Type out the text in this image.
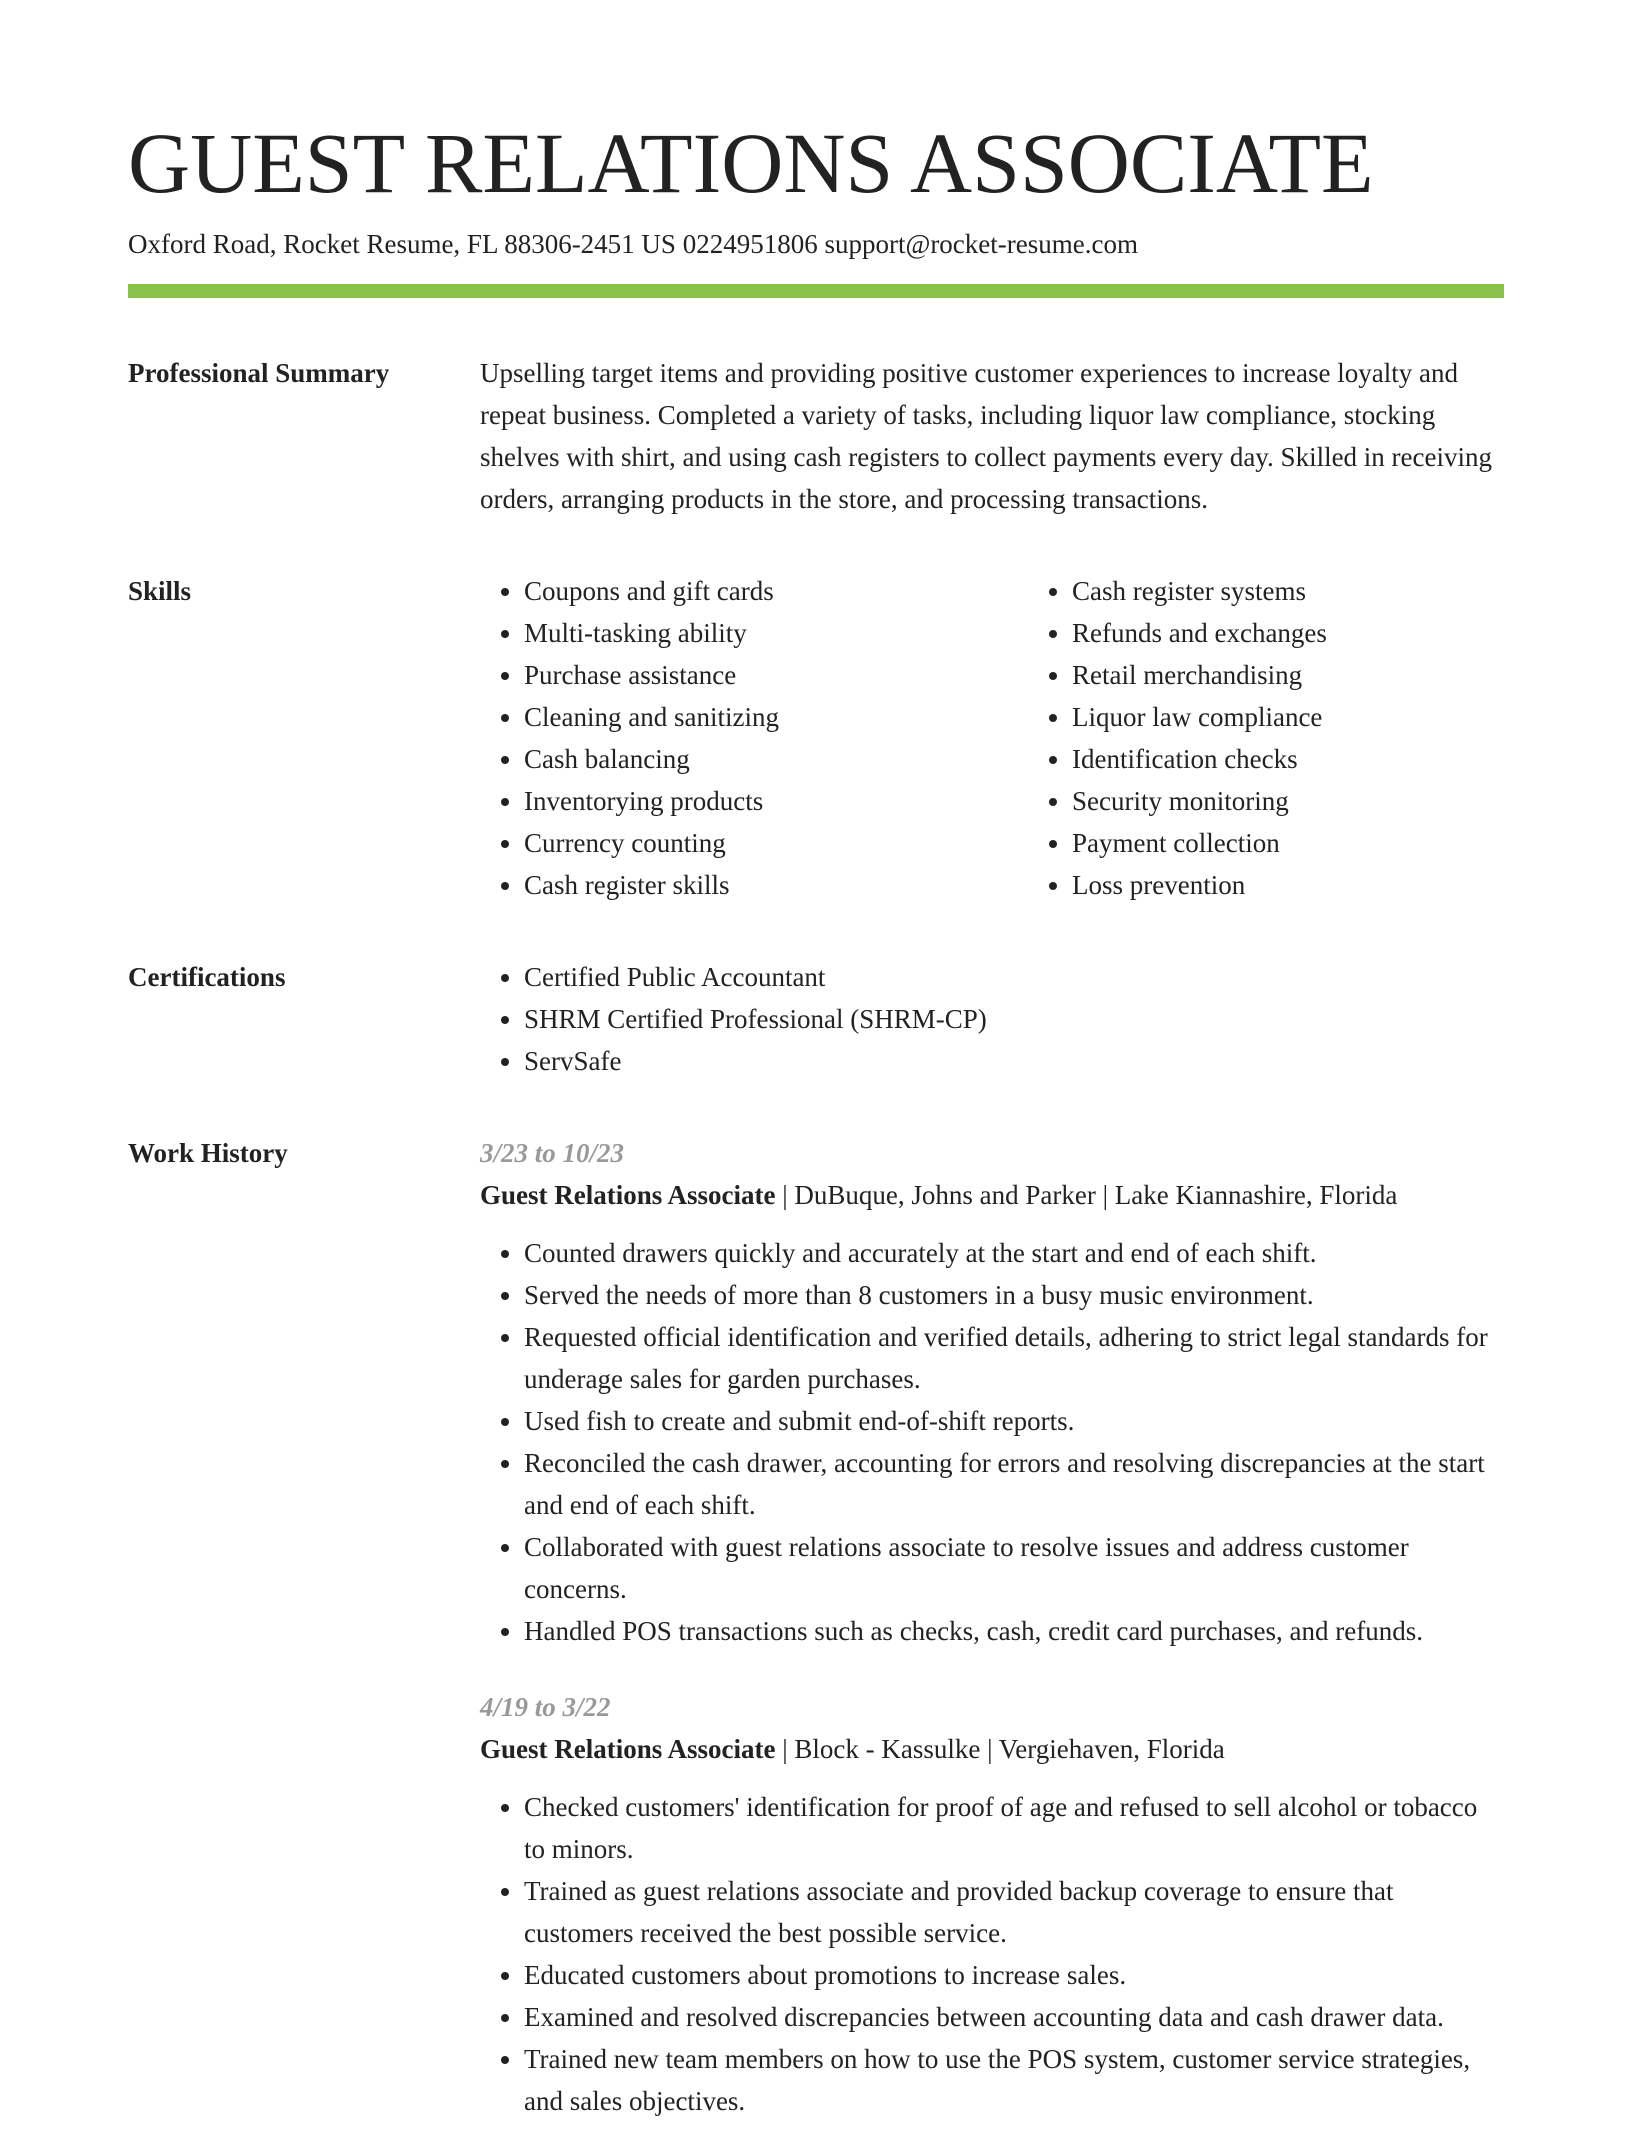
GUEST RELATIONS ASSOCIATE
Oxford Road, Rocket Resume, FL 88306-2451 US 0224951806 support@rocket-resume.com
Professional Summary	Upselling target items and providing positive customer experiences to increase loyalty and repeat business. Completed a variety of tasks, including liquor law compliance, stocking shelves with shirt, and using cash registers to collect payments every day. Skilled in receiving orders, arranging products in the store, and processing transactions.

Skills	• Coupons and gift cards
• Multi-tasking ability
• Purchase assistance
• Cleaning and sanitizing
• Cash balancing
• Inventorying products
• Currency counting
• Cash register skills
• Cash register systems
• Refunds and exchanges
• Retail merchandising
• Liquor law compliance
• Identification checks
• Security monitoring
• Payment collection
• Loss prevention
Certifications	• Certified Public Accountant
• SHRM Certified Professional (SHRM-CP)
• ServSafe
Work History	3/23 to 10/23
Guest Relations Associate | DuBuque, Johns and Parker | Lake Kiannashire, Florida
• Counted drawers quickly and accurately at the start and end of each shift.
• Served the needs of more than 8 customers in a busy music environment.
• Requested official identification and verified details, adhering to strict legal standards for underage sales for garden purchases.
• Used fish to create and submit end-of-shift reports.
• Reconciled the cash drawer, accounting for errors and resolving discrepancies at the start and end of each shift.
• Collaborated with guest relations associate to resolve issues and address customer concerns.
• Handled POS transactions such as checks, cash, credit card purchases, and refunds.
4/19 to 3/22
Guest Relations Associate | Block - Kassulke | Vergiehaven, Florida
• Checked customers' identification for proof of age and refused to sell alcohol or tobacco to minors.
• Trained as guest relations associate and provided backup coverage to ensure that customers received the best possible service.
• Educated customers about promotions to increase sales.
• Examined and resolved discrepancies between accounting data and cash drawer data.
• Trained new team members on how to use the POS system, customer service strategies, and sales objectives.
